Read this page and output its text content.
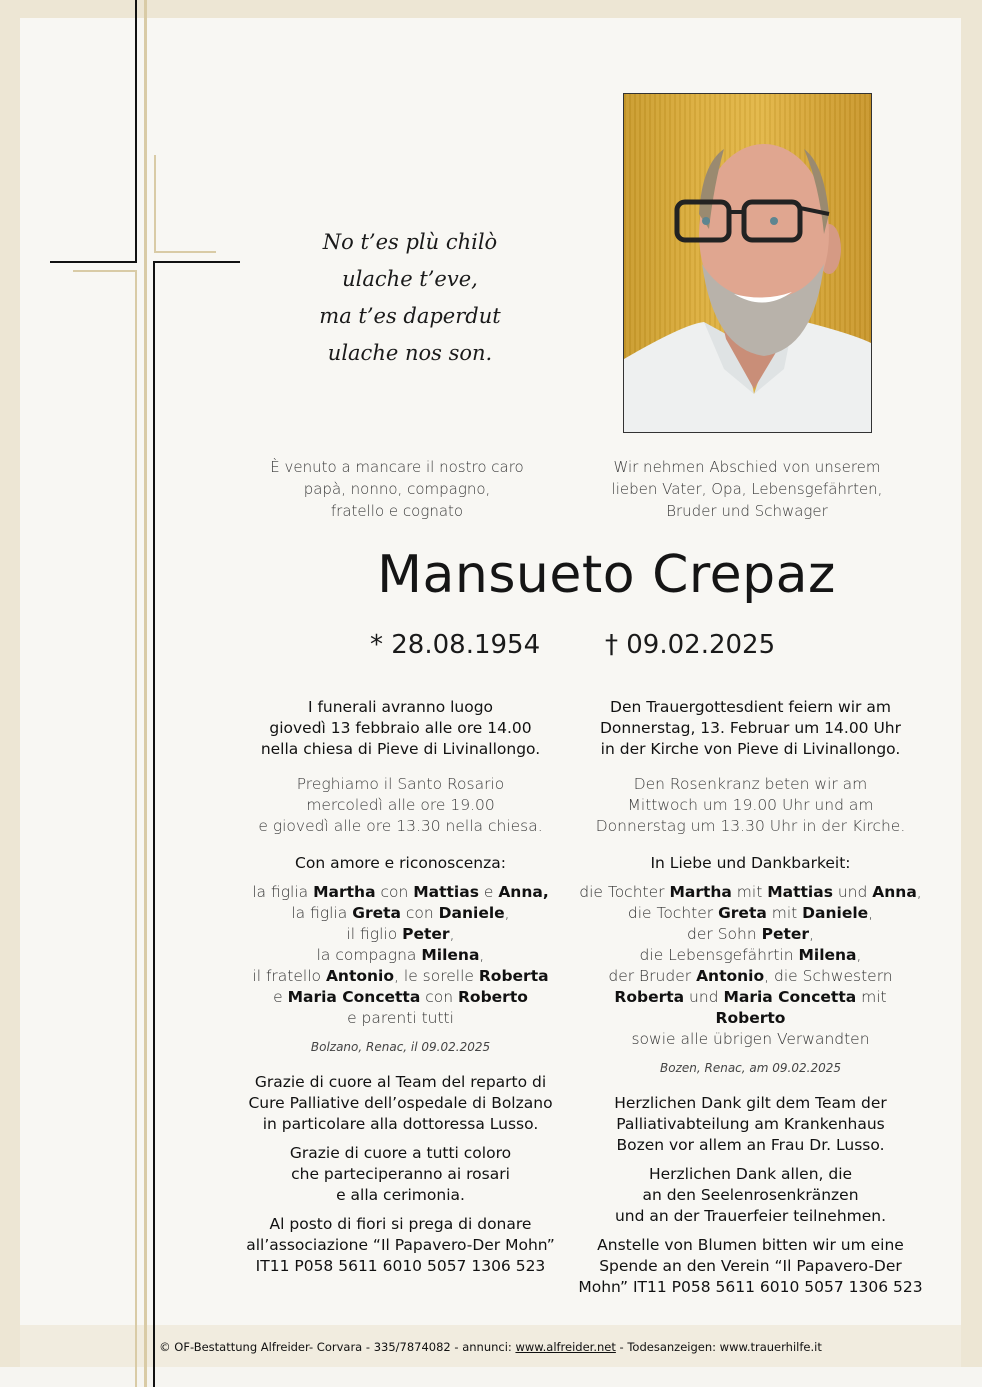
No t’es plù chilò
ulache t’eve,
ma t’es daperdut
ulache nos son.
È venuto a mancare il nostro caro
papà, nonno, compagno,
fratello e cognato
Wir nehmen Abschied von unserem
lieben Vater, Opa, Lebensgefährten,
Bruder und Schwager
Mansueto Crepaz
* 28.08.1954 † 09.02.2025
I funerali avranno luogo
giovedì 13 febbraio alle ore 14.00
nella chiesa di Pieve di Livinallongo.
Preghiamo il Santo Rosario
mercoledì alle ore 19.00
e giovedì alle ore 13.30 nella chiesa.
Con amore e riconoscenza:
la figlia Martha con Mattias e Anna,
la figlia Greta con Daniele,
il figlio Peter,
la compagna Milena,
il fratello Antonio, le sorelle Roberta
e Maria Concetta con Roberto
e parenti tutti
Bolzano, Renac, il 09.02.2025
Grazie di cuore al Team del reparto di
Cure Palliative dell’ospedale di Bolzano
in particolare alla dottoressa Lusso.
Grazie di cuore a tutti coloro
che parteciperanno ai rosari
e alla cerimonia.
Al posto di fiori si prega di donare
all’associazione “Il Papavero-Der Mohn”
IT11 P058 5611 6010 5057 1306 523
Den Trauergottesdient feiern wir am
Donnerstag, 13. Februar um 14.00 Uhr
in der Kirche von Pieve di Livinallongo.
Den Rosenkranz beten wir am
Mittwoch um 19.00 Uhr und am
Donnerstag um 13.30 Uhr in der Kirche.
In Liebe und Dankbarkeit:
die Tochter Martha mit Mattias und Anna,
die Tochter Greta mit Daniele,
der Sohn Peter,
die Lebensgefährtin Milena,
der Bruder Antonio, die Schwestern
Roberta und Maria Concetta mit Roberto
sowie alle übrigen Verwandten
Bozen, Renac, am 09.02.2025
Herzlichen Dank gilt dem Team der
Palliativabteilung am Krankenhaus
Bozen vor allem an Frau Dr. Lusso.
Herzlichen Dank allen, die
an den Seelenrosenkränzen
und an der Trauerfeier teilnehmen.
Anstelle von Blumen bitten wir um eine
Spende an den Verein “Il Papavero-Der
Mohn” IT11 P058 5611 6010 5057 1306 523
© OF-Bestattung Alfreider- Corvara - 335/7874082 - annunci: www.alfreider.net - Todesanzeigen: www.trauerhilfe.it
